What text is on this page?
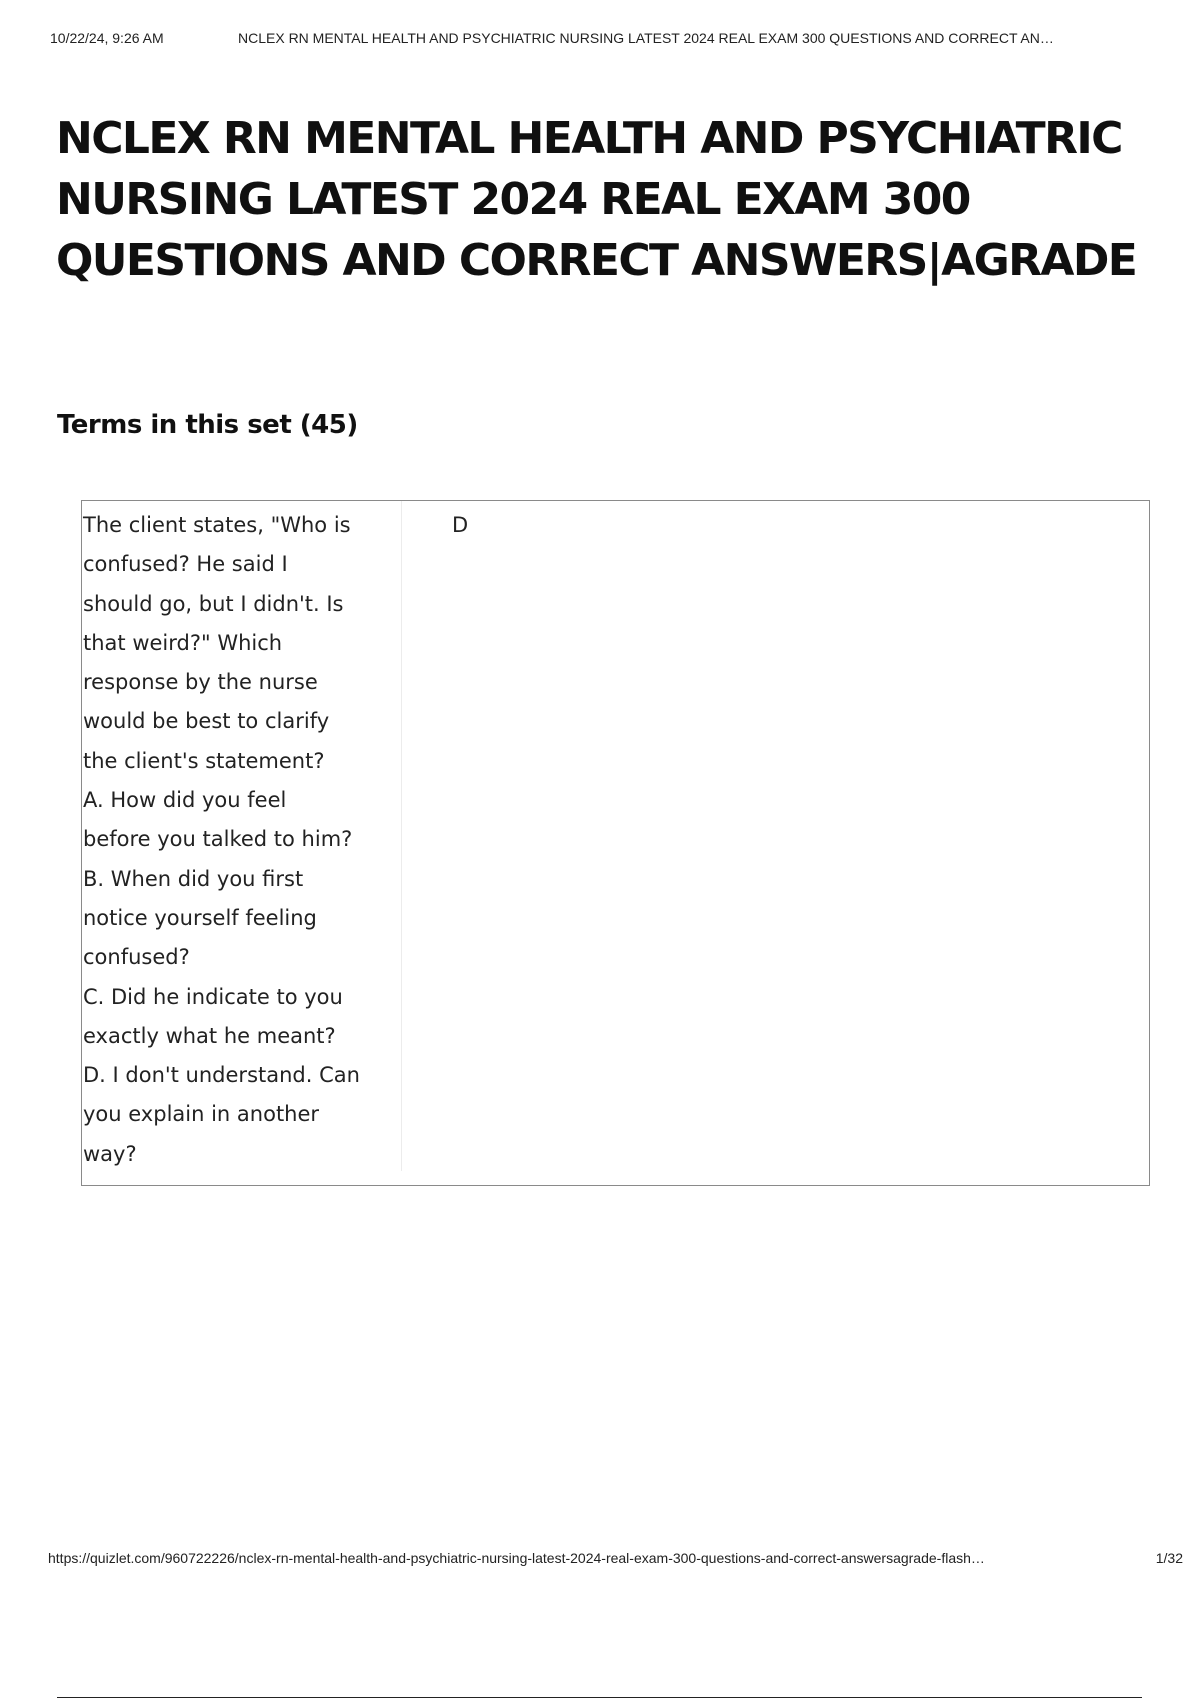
10/22/24, 9:26 AM	NCLEX RN MENTAL HEALTH AND PSYCHIATRIC NURSING LATEST 2024 REAL EXAM 300 QUESTIONS AND CORRECT AN…
NCLEX RN MENTAL HEALTH AND PSYCHIATRIC
NURSING LATEST 2024 REAL EXAM 300
QUESTIONS AND CORRECT ANSWERS|AGRADE
Terms in this set (45)
The client states, "Who is
confused? He said I
should go, but I didn't. Is
that weird?" Which
response by the nurse
would be best to clarify
the client's statement?
A. How did you feel
before you talked to him?
B. When did you first
notice yourself feeling
confused?
C. Did he indicate to you
exactly what he meant?
D. I don't understand. Can
you explain in another
way?
D
https://quizlet.com/960722226/nclex-rn-mental-health-and-psychiatric-nursing-latest-2024-real-exam-300-questions-and-correct-answersagrade-flash…	1/32
